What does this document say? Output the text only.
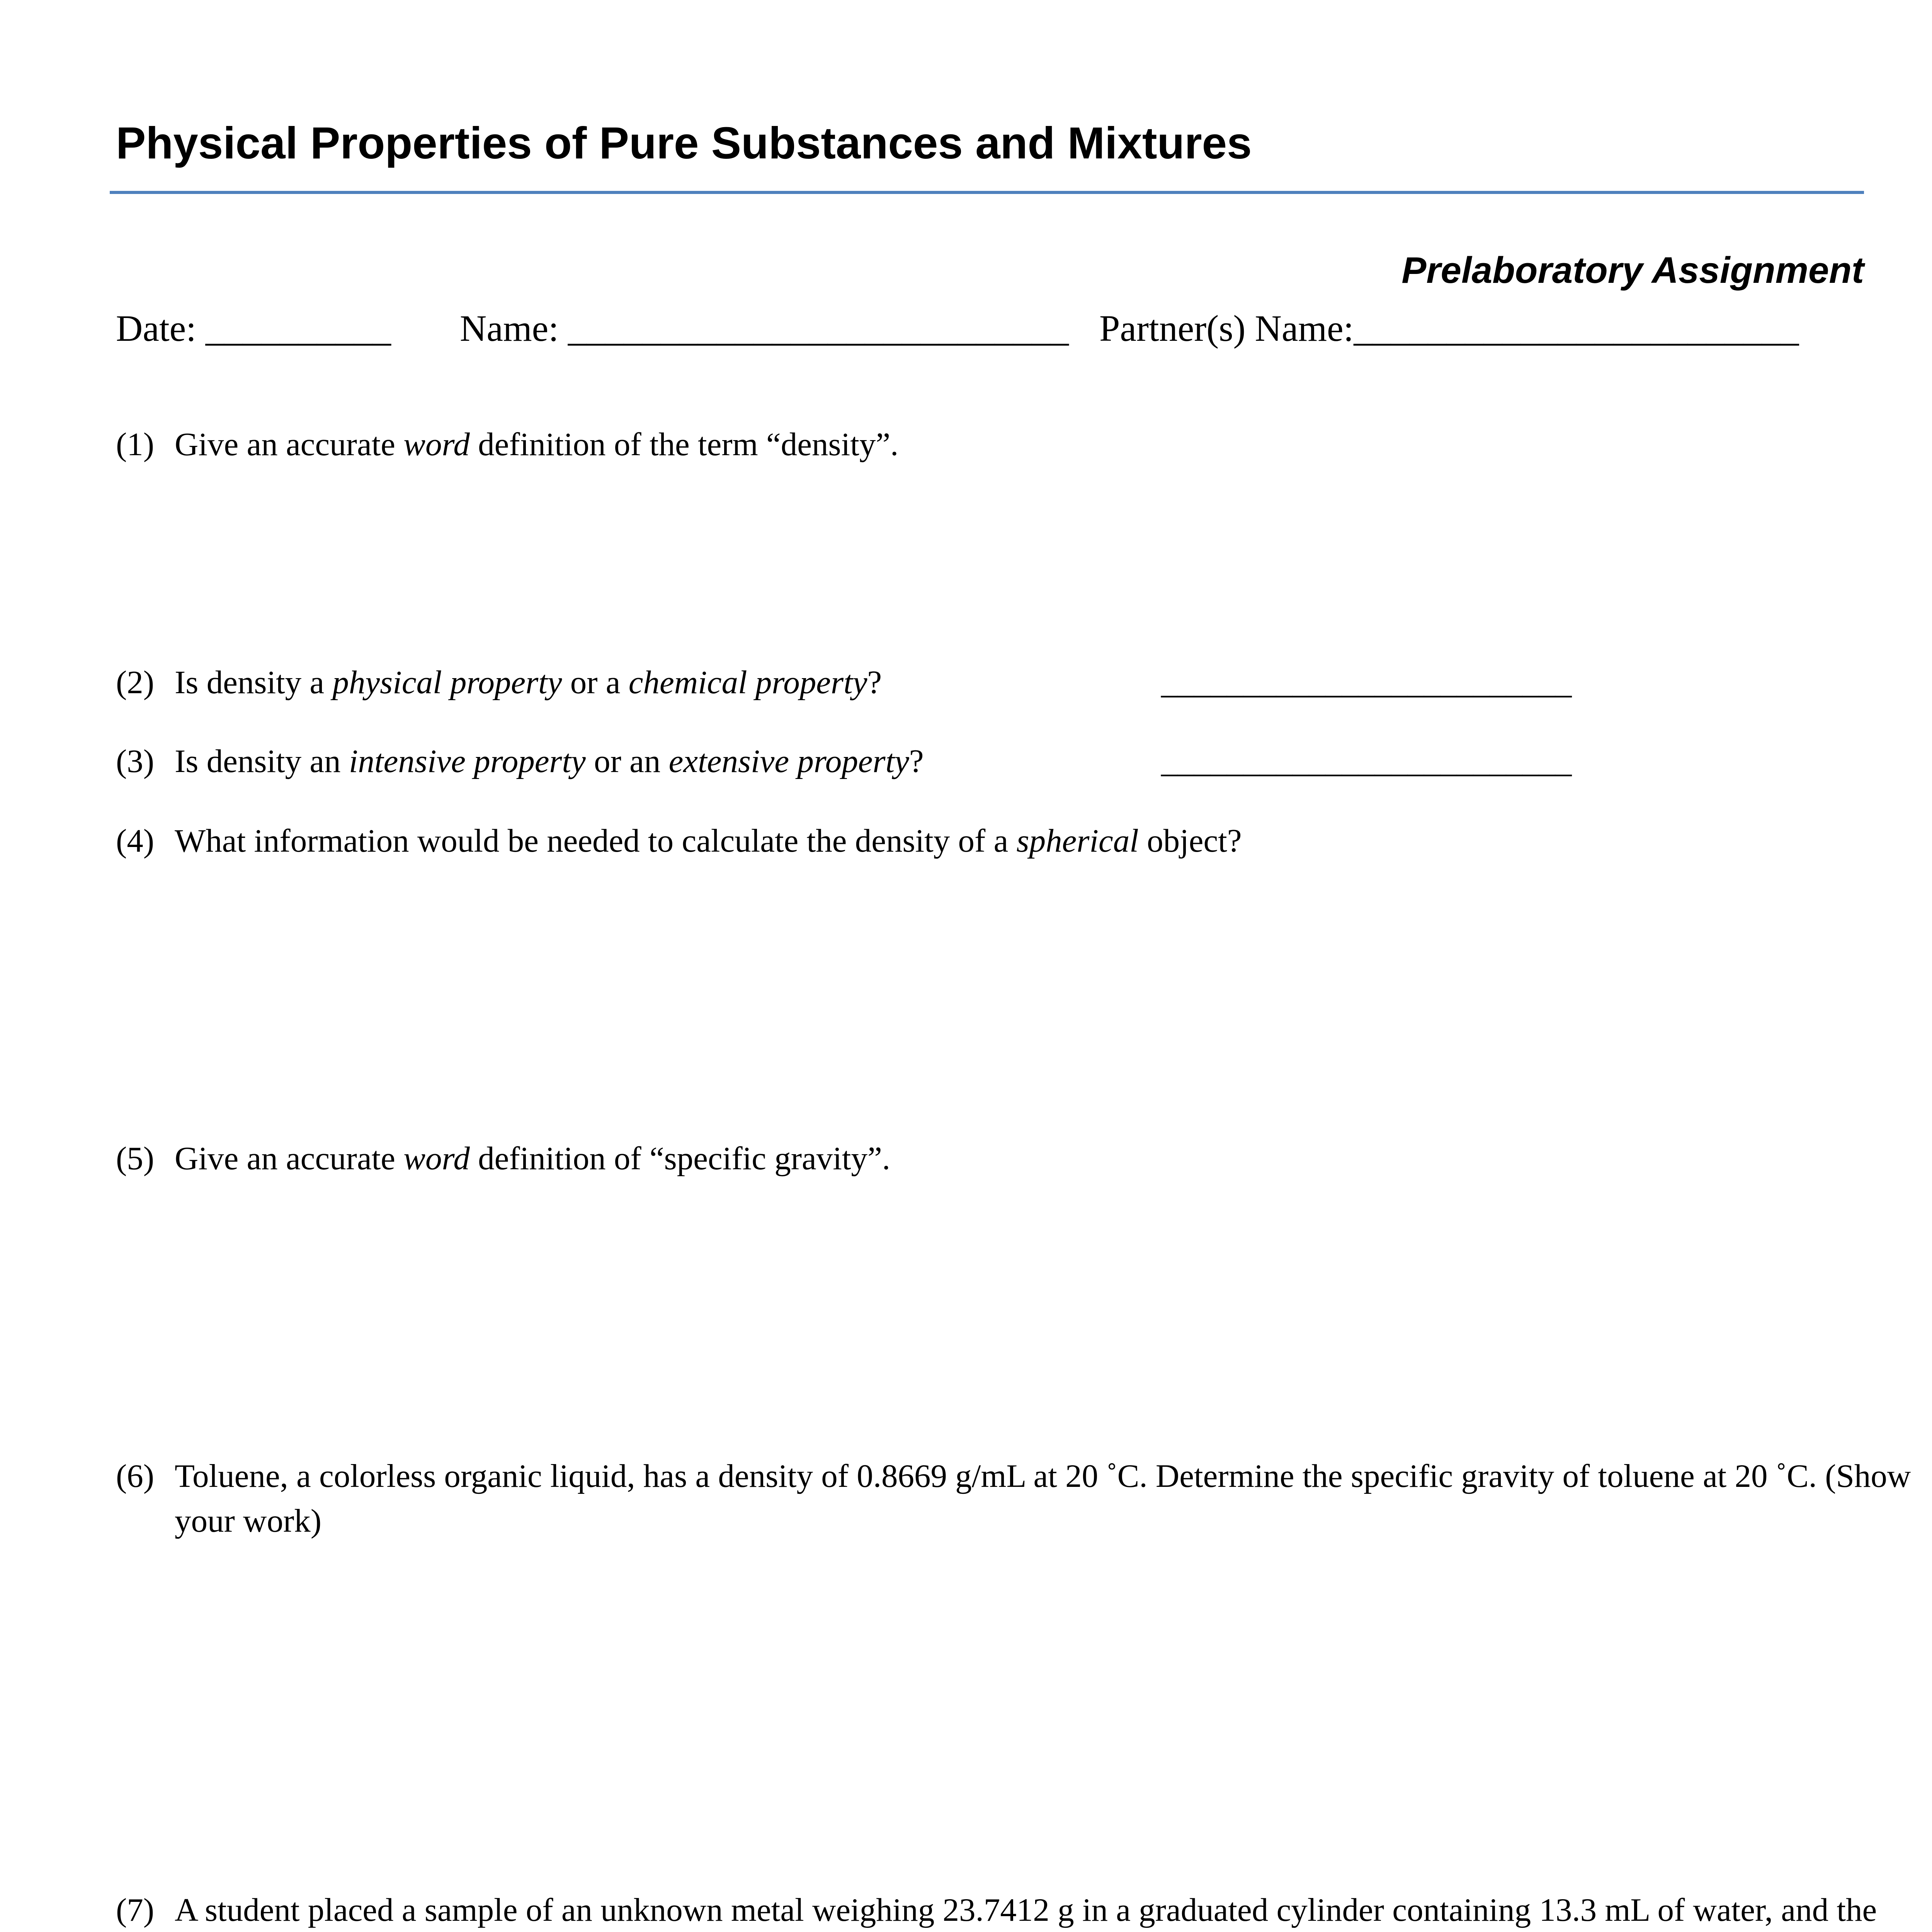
Physical Properties of Pure Substances and Mixtures
Prelaboratory Assignment
Date: __________ Name: ___________________________ Partner(s) Name:________________________
(1) Give an accurate word definition of the term “density”.
(2) Is density a physical property or a chemical property?	_________________________
(3) Is density an intensive property or an extensive property?	_________________________
(4) What information would be needed to calculate the density of a spherical object?
(5) Give an accurate word definition of “specific gravity”.
(6) Toluene, a colorless organic liquid, has a density of 0.8669 g/mL at 20 ˚C. Determine the specific gravity of toluene at 20 ˚C. (Show your work)
(7) A student placed a sample of an unknown metal weighing 23.7412 g in a graduated cylinder containing 13.3 mL of water, and the
